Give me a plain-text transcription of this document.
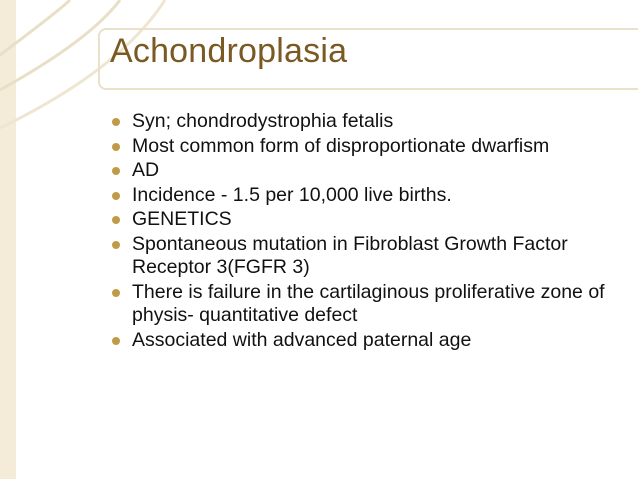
Achondroplasia
Syn; chondrodystrophia fetalis
Most common form of disproportionate dwarfism
AD
Incidence - 1.5 per 10,000 live births.
GENETICS
Spontaneous mutation in Fibroblast Growth Factor Receptor 3(FGFR 3)
There is failure in the cartilaginous proliferative zone of physis- quantitative defect
Associated with advanced paternal age
